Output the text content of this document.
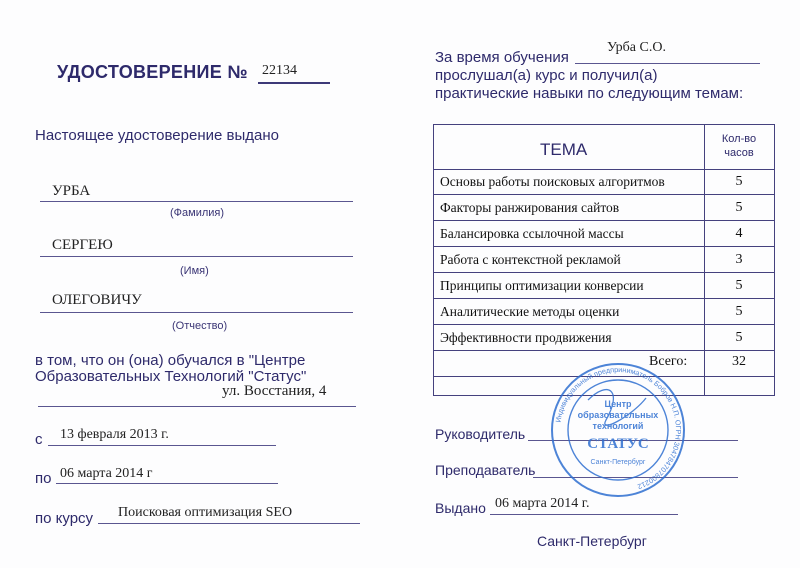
УДОСТОВЕРЕНИЕ № 22134
Настоящее удостоверение выдано
УРБА
(Фамилия)
СЕРГЕЮ
(Имя)
ОЛЕГОВИЧУ
(Отчество)
в том, что он (она) обучался в "Центре
Образовательных Технологий "Статус"
ул. Восстания, 4
с 13 февраля 2013 г.
по 06 марта 2014 г
по курсу Поисковая оптимизация SEO
За время обучения
Урба С.О.
прослушал(а) курс и получил(а)
практические навыки по следующим темам:
ТЕМА
Кол-во
часов
Основы работы поисковых алгоритмов	5
Факторы ранжирования сайтов	5
Балансировка ссылочной массы	4
Работа с контекстной рекламой	3
Принципы оптимизации конверсии	5
Аналитические методы оценки	5
Эффективности продвижения	5
Всего:	32
Руководитель
Преподаватель
Выдано 06 марта 2014 г.
Санкт-Петербург
Индивидуальный предприниматель Бобров Н.П. ОГРН 304784707800212
Центр
образовательных
технологий
СТАТУС
Санкт-Петербург
